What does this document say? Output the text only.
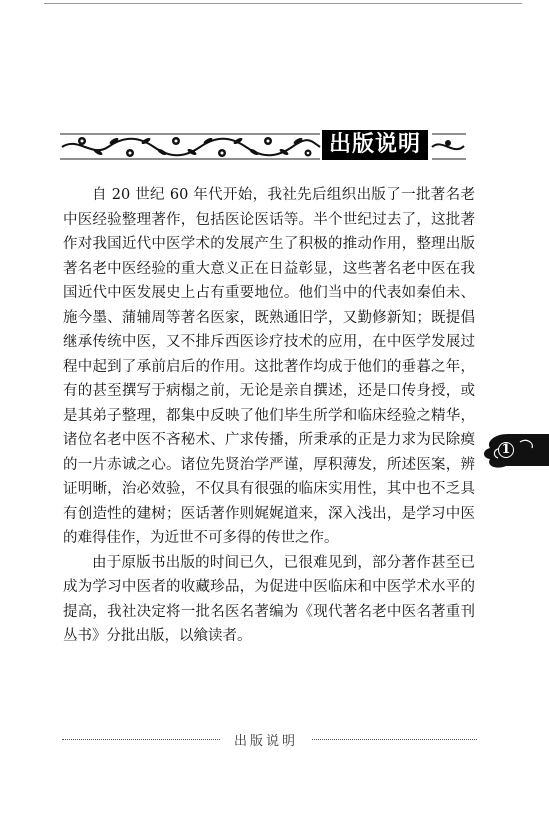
出版说明

自 20 世纪 60 年代开始，我社先后组织出版了一批著名老中医经验整理著作，包括医论医话等。半个世纪过去了，这批著作对我国近代中医学术的发展产生了积极的推动作用，整理出版著名老中医经验的重大意义正在日益彰显，这些著名老中医在我国近代中医发展史上占有重要地位。他们当中的代表如秦伯未、施今墨、蒲辅周等著名医家，既熟通旧学，又勤修新知；既提倡继承传统中医，又不排斥西医诊疗技术的应用，在中医学发展过程中起到了承前启后的作用。这批著作均成于他们的垂暮之年，有的甚至撰写于病榻之前，无论是亲自撰述，还是口传身授，或是其弟子整理，都集中反映了他们毕生所学和临床经验之精华，诸位名老中医不吝秘术、广求传播，所秉承的正是力求为民除瘼的一片赤诚之心。诸位先贤治学严谨，厚积薄发，所述医案，辨证明晰，治必效验，不仅具有很强的临床实用性，其中也不乏具有创造性的建树；医话著作则娓娓道来，深入浅出，是学习中医的难得佳作，为近世不可多得的传世之作。

由于原版书出版的时间已久，已很难见到，部分著作甚至已成为学习中医者的收藏珍品，为促进中医临床和中医学术水平的提高，我社决定将一批名医名著编为《现代著名老中医名著重刊丛书》分批出版，以飨读者。

1
出版说明
